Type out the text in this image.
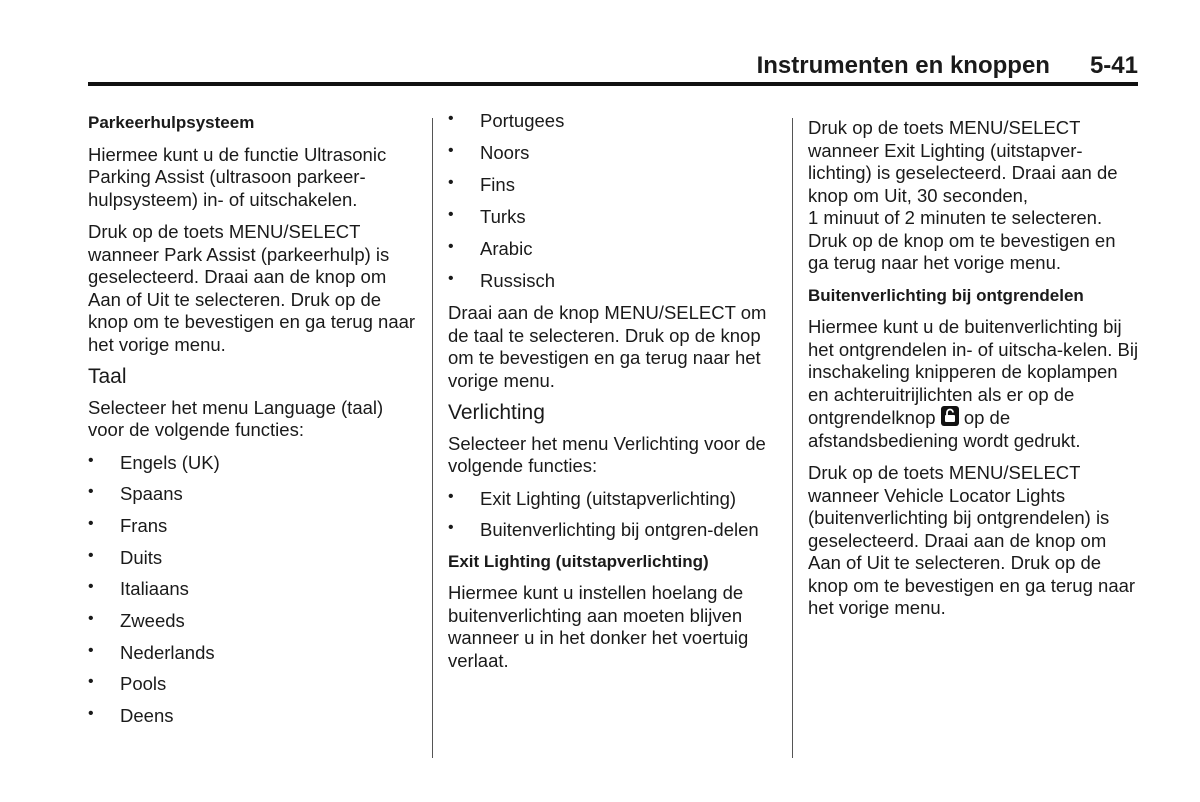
Instrumenten en knoppen 5-41

Parkeerhulpsysteem

Hiermee kunt u de functie Ultrasonic Parking Assist (ultrasoon parkeer-hulpsysteem) in- of uitschakelen.

Druk op de toets MENU/SELECT wanneer Park Assist (parkeerhulp) is geselecteerd. Draai aan de knop om Aan of Uit te selecteren. Druk op de knop om te bevestigen en ga terug naar het vorige menu.

Taal

Selecteer het menu Language (taal) voor de volgende functies:

• Engels (UK)
• Spaans
• Frans
• Duits
• Italiaans
• Zweeds
• Nederlands
• Pools
• Deens
• Portugees
• Noors
• Fins
• Turks
• Arabic
• Russisch

Draai aan de knop MENU/SELECT om de taal te selecteren. Druk op de knop om te bevestigen en ga terug naar het vorige menu.

Verlichting

Selecteer het menu Verlichting voor de volgende functies:

• Exit Lighting (uitstapverlichting)
• Buitenverlichting bij ontgren-delen

Exit Lighting (uitstapverlichting)

Hiermee kunt u instellen hoelang de buitenverlichting aan moeten blijven wanneer u in het donker het voertuig verlaat.

Druk op de toets MENU/SELECT wanneer Exit Lighting (uitstapver-lichting) is geselecteerd. Draai aan de knop om Uit, 30 seconden,
1 minuut of 2 minuten te selecteren. Druk op de knop om te bevestigen en ga terug naar het vorige menu.

Buitenverlichting bij ontgrendelen

Hiermee kunt u de buitenverlichting bij het ontgrendelen in- of uitscha-kelen. Bij inschakeling knipperen de koplampen en achteruitrijlichten als er op de ontgrendelknop op de afstandsbediening wordt gedrukt.

Druk op de toets MENU/SELECT wanneer Vehicle Locator Lights (buitenverlichting bij ontgrendelen) is geselecteerd. Draai aan de knop om Aan of Uit te selecteren. Druk op de knop om te bevestigen en ga terug naar het vorige menu.
